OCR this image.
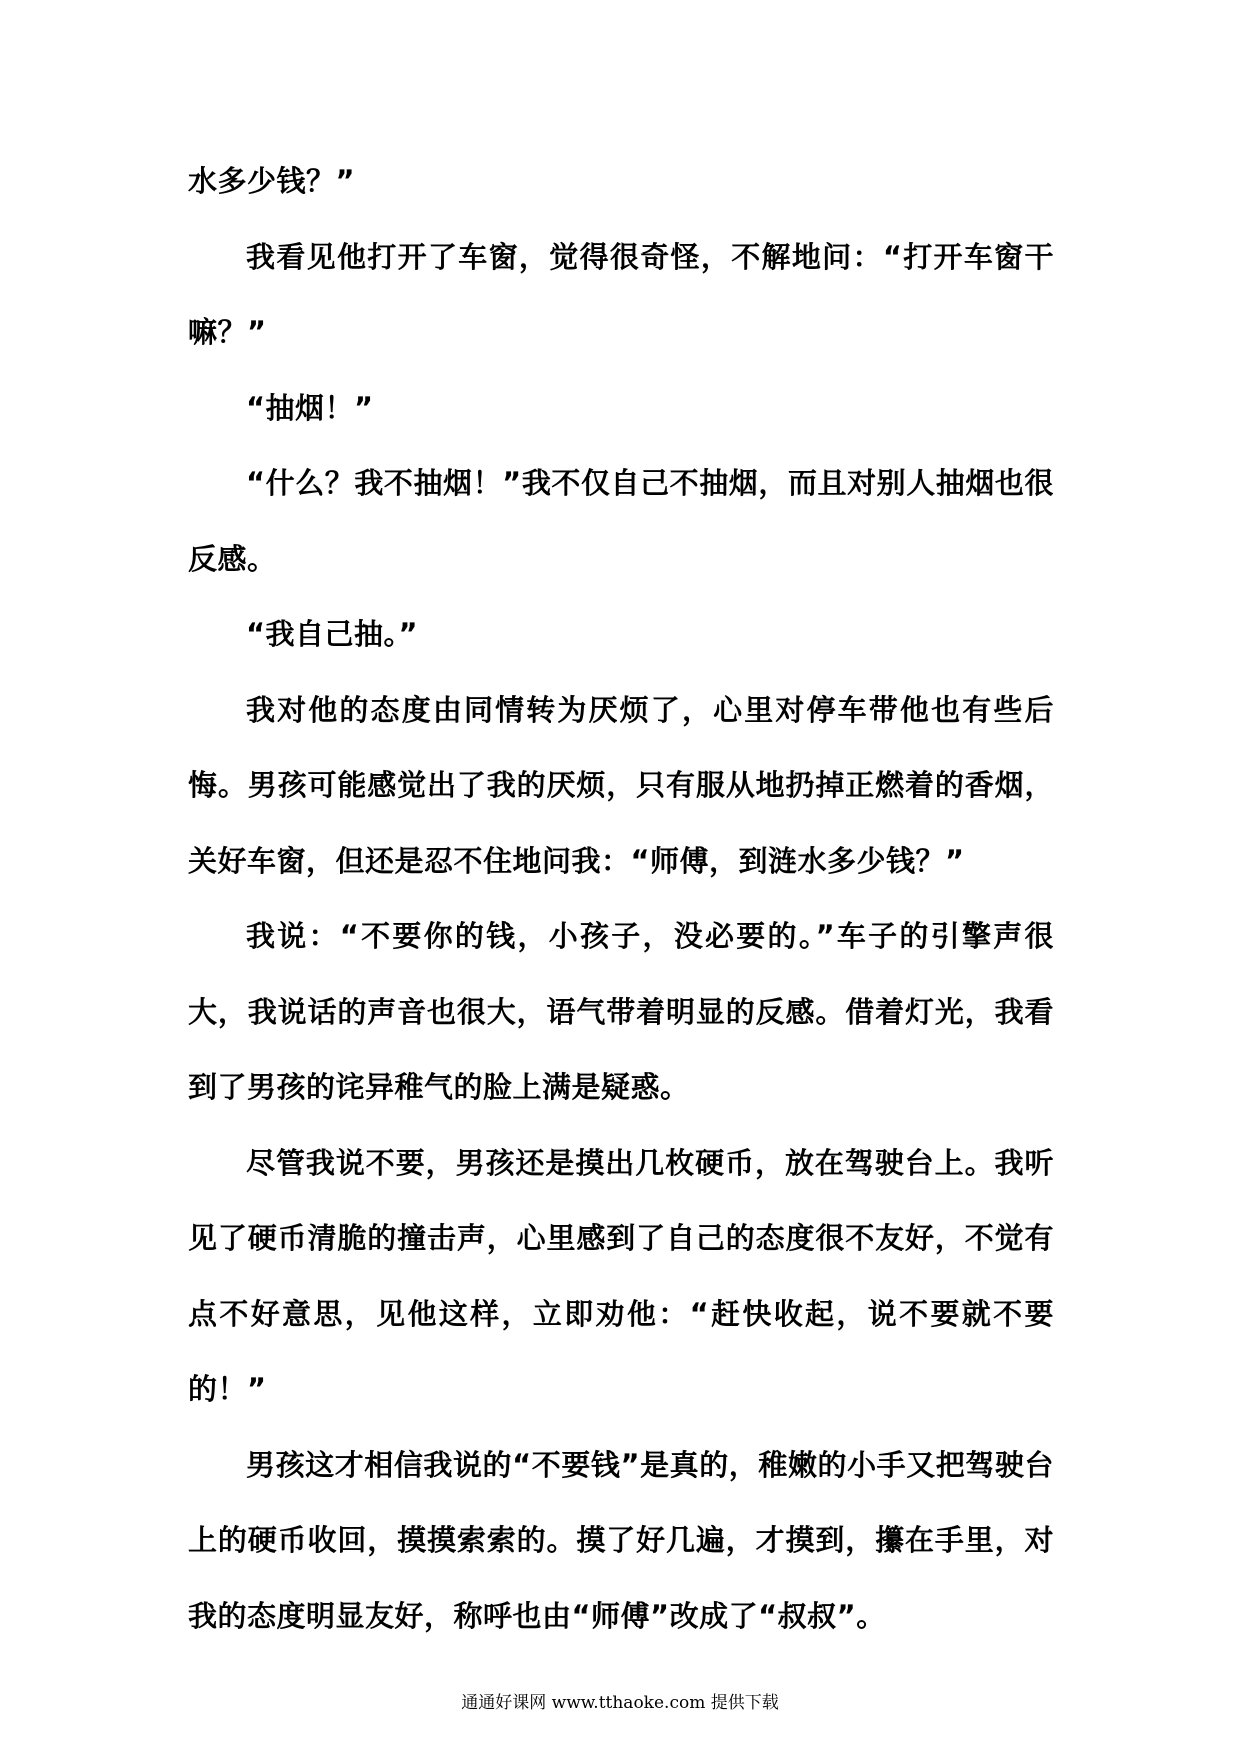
水多少钱？”

我看见他打开了车窗，觉得很奇怪，不解地问：“打开车窗干嘛？”

“抽烟！”

“什么？我不抽烟！”我不仅自己不抽烟，而且对别人抽烟也很反感。

“我自己抽。”

我对他的态度由同情转为厌烦了，心里对停车带他也有些后悔。男孩可能感觉出了我的厌烦，只有服从地扔掉正燃着的香烟，关好车窗，但还是忍不住地问我：“师傅，到涟水多少钱？”

我说：“不要你的钱，小孩子，没必要的。”车子的引擎声很大，我说话的声音也很大，语气带着明显的反感。借着灯光，我看到了男孩的诧异稚气的脸上满是疑惑。

尽管我说不要，男孩还是摸出几枚硬币，放在驾驶台上。我听见了硬币清脆的撞击声，心里感到了自己的态度很不友好，不觉有点不好意思，见他这样，立即劝他：“赶快收起，说不要就不要的！”

男孩这才相信我说的“不要钱”是真的，稚嫩的小手又把驾驶台上的硬币收回，摸摸索索的。摸了好几遍，才摸到，攥在手里，对我的态度明显友好，称呼也由“师傅”改成了“叔叔”。

通通好课网 www.tthaoke.com 提供下载
